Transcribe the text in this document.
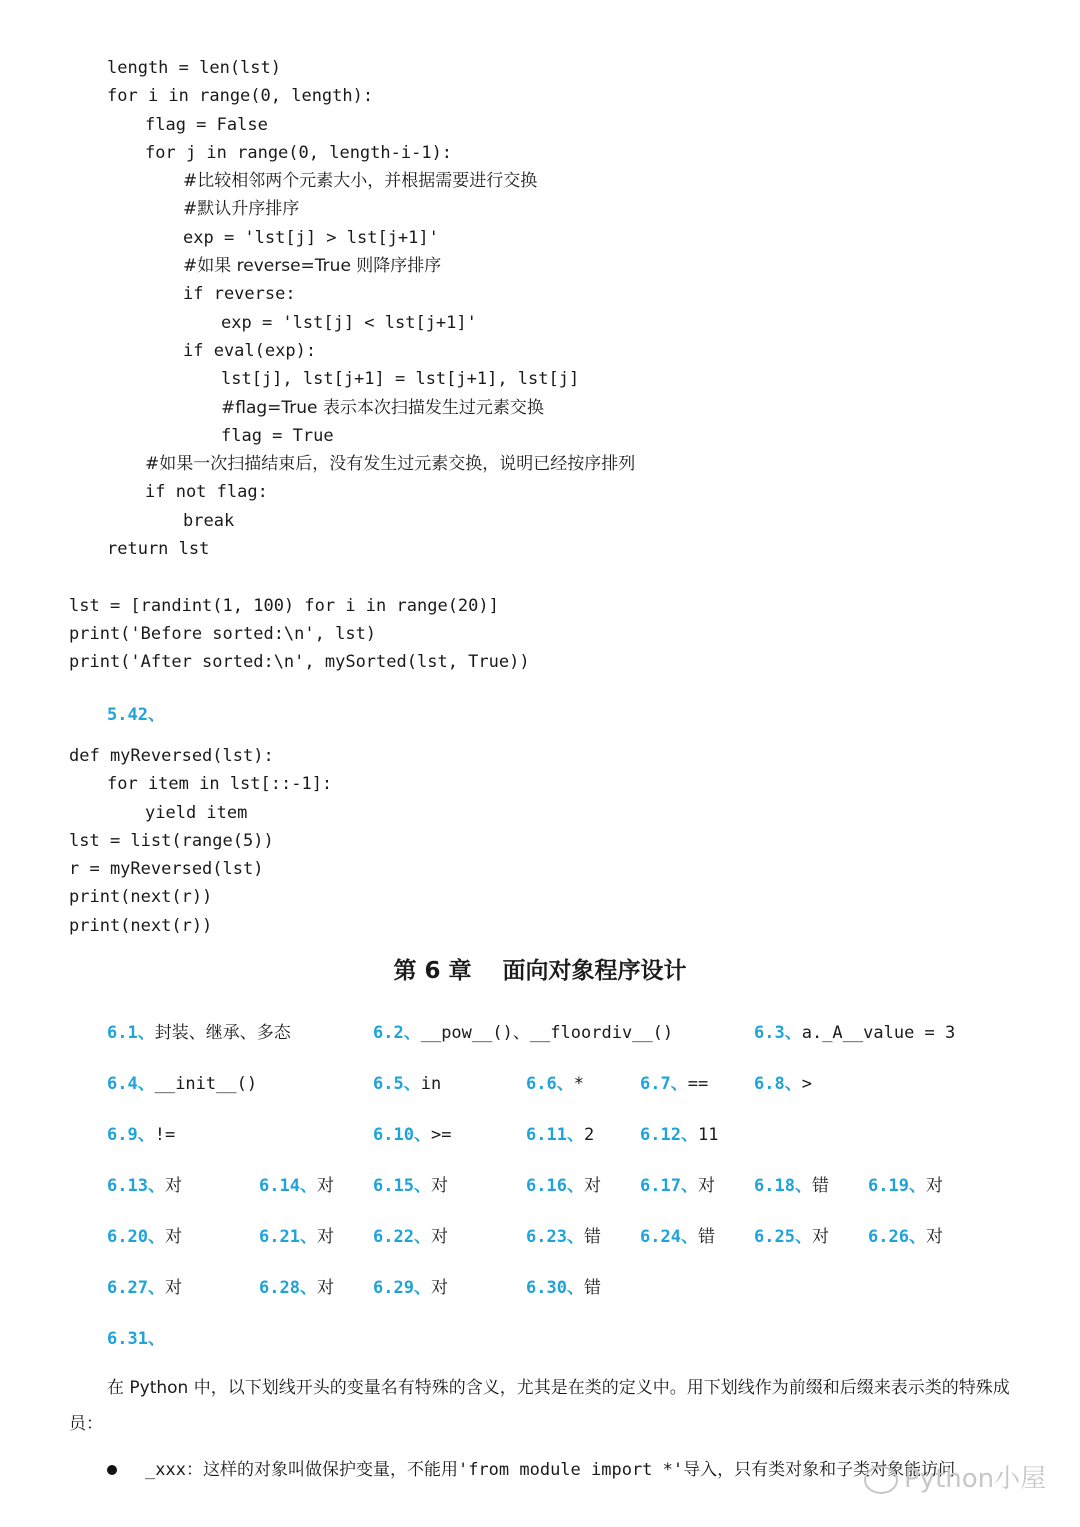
length = len(lst)
for i in range(0, length):
flag = False
for j in range(0, length-i-1):
#比较相邻两个元素大小，并根据需要进行交换
#默认升序排序
exp = 'lst[j] > lst[j+1]'
#如果 reverse=True 则降序排序
if reverse:
exp = 'lst[j] < lst[j+1]'
if eval(exp):
lst[j], lst[j+1] = lst[j+1], lst[j]
#flag=True 表示本次扫描发生过元素交换
flag = True
#如果一次扫描结束后，没有发生过元素交换，说明已经按序排列
if not flag:
break
return lst
lst = [randint(1, 100) for i in range(20)]
print('Before sorted:\n', lst)
print('After sorted:\n', mySorted(lst, True))
5.42、
def myReversed(lst):
for item in lst[::-1]:
yield item
lst = list(range(5))
r = myReversed(lst)
print(next(r))
print(next(r))
第 6 章　 面向对象程序设计
6.1、封装、继承、多态	6.2、__pow__()、__floordiv__()	6.3、a._A__value = 3
6.4、__init__()	6.5、in	6.6、*	6.7、==	6.8、>
6.9、!=	6.10、>=	6.11、2	6.12、11
6.13、对	6.14、对 6.15、对	6.16、对 6.17、对 6.18、错 6.19、对
6.20、对	6.21、对 6.22、对	6.23、错 6.24、错 6.25、对 6.26、对
6.27、对	6.28、对 6.29、对	6.30、错
6.31、
在 Python 中，以下划线开头的变量名有特殊的含义，尤其是在类的定义中。用下划线作为前缀和后缀来表示类的特殊成员：
_xxx：这样的对象叫做保护变量，不能用'from module import *'导入，只有类对象和子类对象能访问
Python小屋
